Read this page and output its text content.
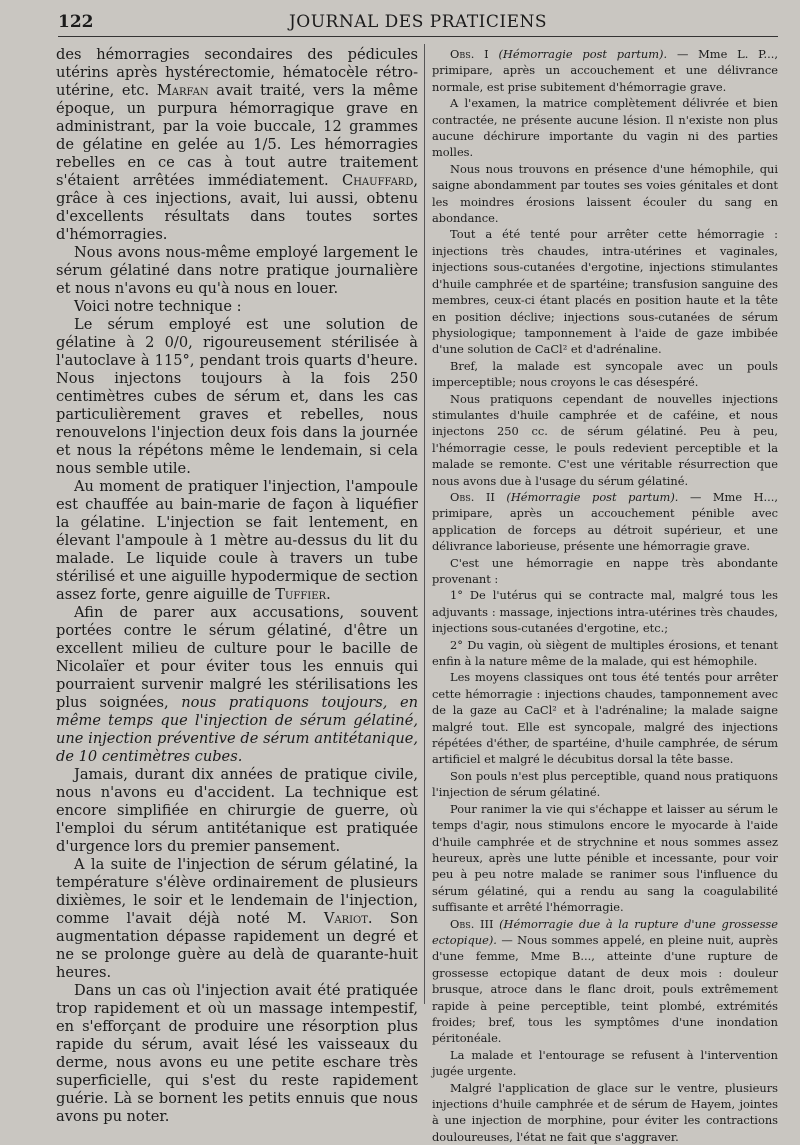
122	JOURNAL DES PRATICIENS

des hémorragies secondaires des pédicules utérins après hystérectomie, hématocèle rétro-utérine, etc. Marfan avait traité, vers la même époque, un purpura hémorragique grave en administrant, par la voie buccale, 12 grammes de gélatine en gelée au 1/5. Les hémorragies rebelles en ce cas à tout autre traitement s'étaient arrêtées immédiatement. Chauffard, grâce à ces injections, avait, lui aussi, obtenu d'excellents résultats dans toutes sortes d'hémorragies.

Nous avons nous-même employé largement le sérum gélatiné dans notre pratique journalière et nous n'avons eu qu'à nous en louer.

Voici notre technique :

Le sérum employé est une solution de gélatine à 2 0/0, rigoureusement stérilisée à l'autoclave à 115°, pendant trois quarts d'heure. Nous injectons toujours à la fois 250 centimètres cubes de sérum et, dans les cas particulièrement graves et rebelles, nous renouvelons l'injection deux fois dans la journée et nous la répétons même le lendemain, si cela nous semble utile.

Au moment de pratiquer l'injection, l'ampoule est chauffée au bain-marie de façon à liquéfier la gélatine. L'injection se fait lentement, en élevant l'ampoule à 1 mètre au-dessus du lit du malade. Le liquide coule à travers un tube stérilisé et une aiguille hypodermique de section assez forte, genre aiguille de Tuffier.

Afin de parer aux accusations, souvent portées contre le sérum gélatiné, d'être un excellent milieu de culture pour le bacille de Nicolaïer et pour éviter tous les ennuis qui pourraient survenir malgré les stérilisations les plus soignées, nous pratiquons toujours, en même temps que l'injection de sérum gélatiné, une injection préventive de sérum antitétanique, de 10 centimètres cubes.

Jamais, durant dix années de pratique civile, nous n'avons eu d'accident. La technique est encore simplifiée en chirurgie de guerre, où l'emploi du sérum antitétanique est pratiquée d'urgence lors du premier pansement.

A la suite de l'injection de sérum gélatiné, la température s'élève ordinairement de plusieurs dixièmes, le soir et le lendemain de l'injection, comme l'avait déjà noté M. Variot. Son augmentation dépasse rapidement un degré et ne se prolonge guère au delà de quarante-huit heures.

Dans un cas où l'injection avait été pratiquée trop rapidement et où un massage intempestif, en s'efforçant de produire une résorption plus rapide du sérum, avait lésé les vaisseaux du derme, nous avons eu une petite eschare très superficielle, qui s'est du reste rapidement guérie. Là se bornent les petits ennuis que nous avons pu noter.

Obs. I (Hémorragie post partum). — Mme L. P..., primipare, après un accouchement et une délivrance normale, est prise subitement d'hémorragie grave.

A l'examen, la matrice complètement délivrée et bien contractée, ne présente aucune lésion. Il n'existe non plus aucune déchirure importante du vagin ni des parties molles.

Nous nous trouvons en présence d'une hémophile, qui saigne abondamment par toutes ses voies génitales et dont les moindres érosions laissent écouler du sang en abondance.

Tout a été tenté pour arrêter cette hémorragie : injections très chaudes, intra-utérines et vaginales, injections sous-cutanées d'ergotine, injections stimulantes d'huile camphrée et de spartéine; transfusion sanguine des membres, ceux-ci étant placés en position haute et la tête en position déclive; injections sous-cutanées de sérum physiologique; tamponnement à l'aide de gaze imbibée d'une solution de CaCl² et d'adrénaline.

Bref, la malade est syncopale avec un pouls imperceptible; nous croyons le cas désespéré.

Nous pratiquons cependant de nouvelles injections stimulantes d'huile camphrée et de caféine, et nous injectons 250 cc. de sérum gélatiné. Peu à peu, l'hémorragie cesse, le pouls redevient perceptible et la malade se remonte. C'est une véritable résurrection que nous avons due à l'usage du sérum gélatiné.

Obs. II (Hémorragie post partum). — Mme H..., primipare, après un accouchement pénible avec application de forceps au détroit supérieur, et une délivrance laborieuse, présente une hémorragie grave.

C'est une hémorragie en nappe très abondante provenant :

1° De l'utérus qui se contracte mal, malgré tous les adjuvants : massage, injections intra-utérines très chaudes, injections sous-cutanées d'ergotine, etc.;

2° Du vagin, où siègent de multiples érosions, et tenant enfin à la nature même de la malade, qui est hémophile.

Les moyens classiques ont tous été tentés pour arrêter cette hémorragie : injections chaudes, tamponnement avec de la gaze au CaCl² et à l'adrénaline; la malade saigne malgré tout. Elle est syncopale, malgré des injections répétées d'éther, de spartéine, d'huile camphrée, de sérum artificiel et malgré le décubitus dorsal la tête basse.

Son pouls n'est plus perceptible, quand nous pratiquons l'injection de sérum gélatiné.

Pour ranimer la vie qui s'échappe et laisser au sérum le temps d'agir, nous stimulons encore le myocarde à l'aide d'huile camphrée et de strychnine et nous sommes assez heureux, après une lutte pénible et incessante, pour voir peu à peu notre malade se ranimer sous l'influence du sérum gélatiné, qui a rendu au sang la coagulabilité suffisante et arrêté l'hémorragie.

Obs. III (Hémorragie due à la rupture d'une grossesse ectopique). — Nous sommes appelé, en pleine nuit, auprès d'une femme, Mme B..., atteinte d'une rupture de grossesse ectopique datant de deux mois : douleur brusque, atroce dans le flanc droit, pouls extrêmement rapide à peine perceptible, teint plombé, extrémités froides; bref, tous les symptômes d'une inondation péritonéale.

La malade et l'entourage se refusent à l'intervention jugée urgente.

Malgré l'application de glace sur le ventre, plusieurs injections d'huile camphrée et de sérum de Hayem, jointes à une injection de morphine, pour éviter les contractions douloureuses, l'état ne fait que s'aggraver.
